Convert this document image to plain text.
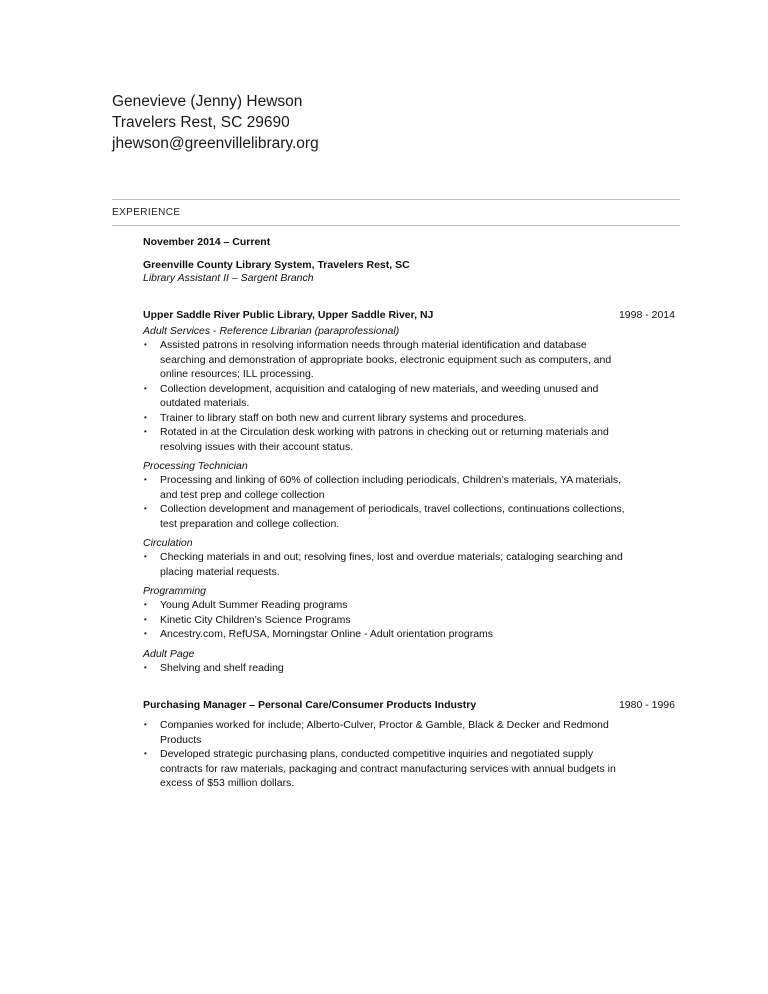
Genevieve (Jenny) Hewson
Travelers Rest, SC 29690
jhewson@greenvillelibrary.org
EXPERIENCE
November 2014 – Current
Greenville County Library System, Travelers Rest, SC
Library Assistant II – Sargent Branch
Upper Saddle River Public Library, Upper Saddle River, NJ	1998 - 2014
Adult Services - Reference Librarian (paraprofessional)
• Assisted patrons in resolving information needs through material identification and database
searching and demonstration of appropriate books, electronic equipment such as computers, and
online resources; ILL processing.
• Collection development, acquisition and cataloging of new materials, and weeding unused and
outdated materials.
• Trainer to library staff on both new and current library systems and procedures.
• Rotated in at the Circulation desk working with patrons in checking out or returning materials and
resolving issues with their account status.
Processing Technician
• Processing and linking of 60% of collection including periodicals, Children’s materials, YA materials,
and test prep and college collection
• Collection development and management of periodicals, travel collections, continuations collections,
test preparation and college collection.
Circulation
• Checking materials in and out; resolving fines, lost and overdue materials; cataloging searching and
placing material requests.
Programming
• Young Adult Summer Reading programs
• Kinetic City Children’s Science Programs
• Ancestry.com, RefUSA, Morningstar Online - Adult orientation programs
Adult Page
• Shelving and shelf reading
Purchasing Manager – Personal Care/Consumer Products Industry	1980 - 1996
• Companies worked for include; Alberto-Culver, Proctor & Gamble, Black & Decker and Redmond
Products
• Developed strategic purchasing plans, conducted competitive inquiries and negotiated supply
contracts for raw materials, packaging and contract manufacturing services with annual budgets in
excess of $53 million dollars.
